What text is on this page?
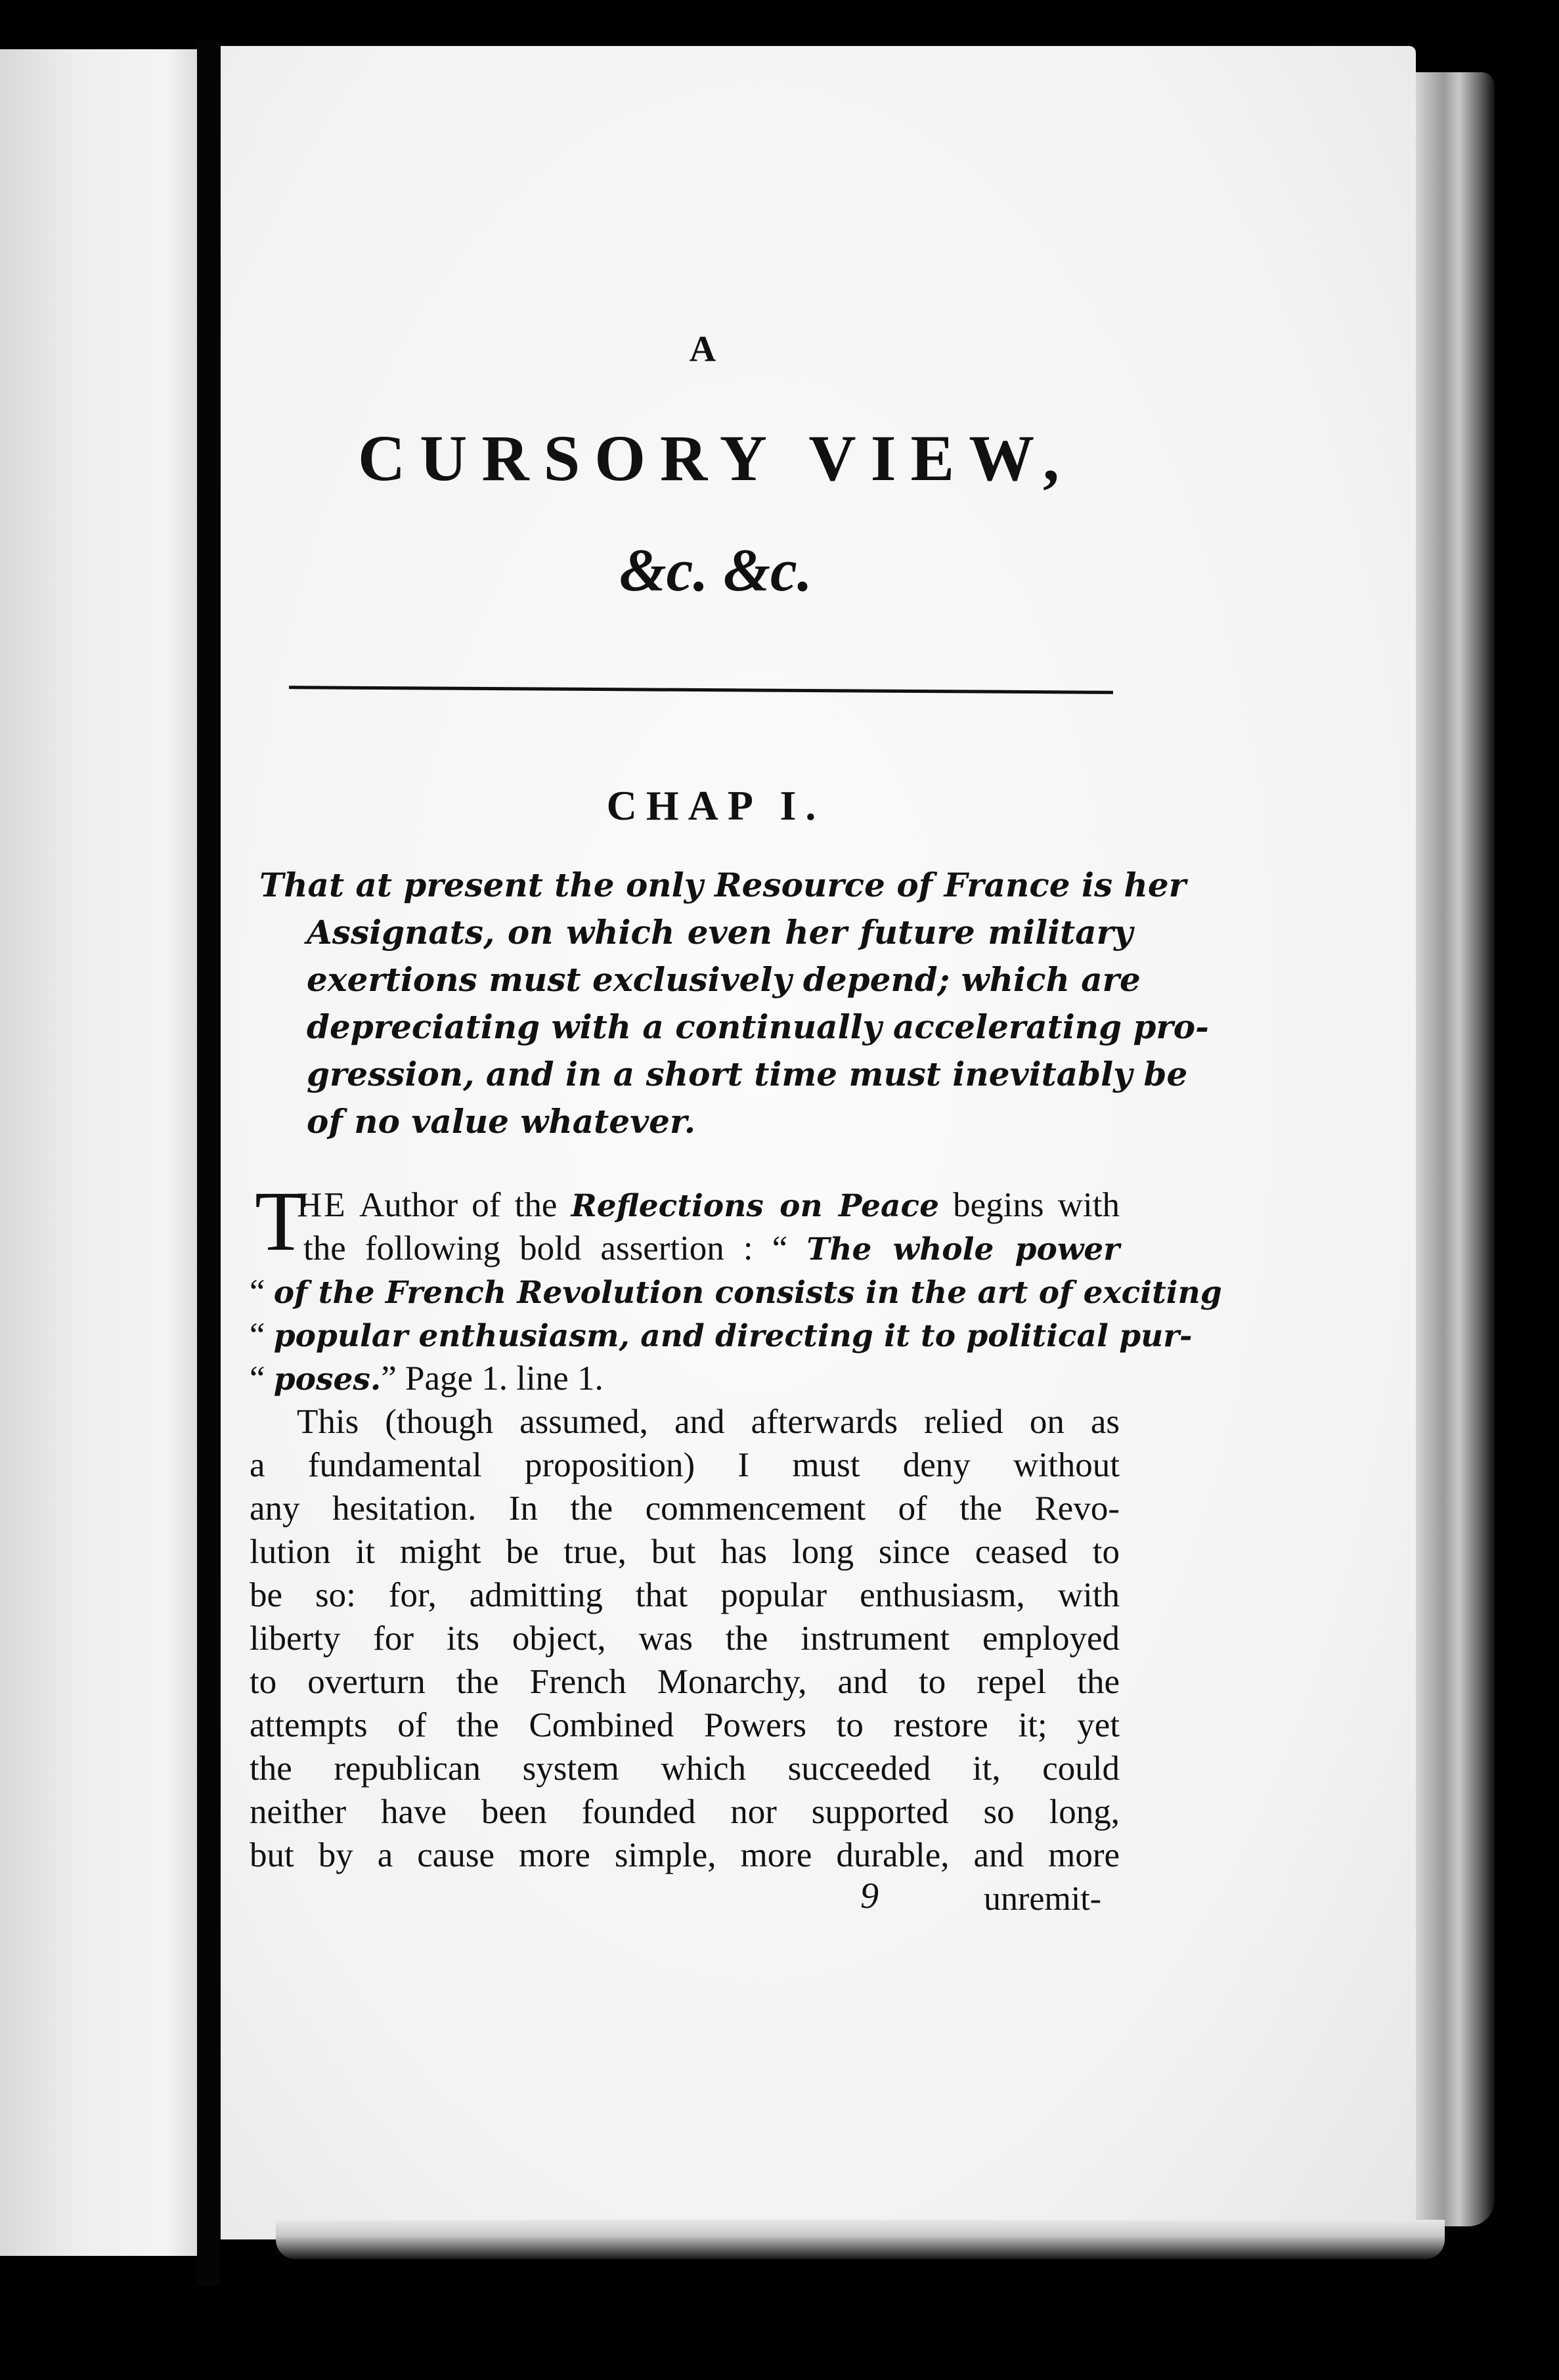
A
CURSORY VIEW,
&c. &c.
CHAP I.
That at present the only Resource of France is her
Assignats, on which even her future military
exertions must exclusively depend; which are
depreciating with a continually accelerating pro-
gression, and in a short time must inevitably be
of no value whatever.
T
HE Author of the Reflections on Peace begins with
the following bold assertion : “ The whole power
“ of the French Revolution consists in the art of exciting
“ popular enthusiasm, and directing it to political pur-
“ poses.” Page 1. line 1.
This (though assumed, and afterwards relied on as
a fundamental proposition) I must deny without
any hesitation. In the commencement of the Revo-
lution it might be true, but has long since ceased to
be so: for, admitting that popular enthusiasm, with
liberty for its object, was the instrument employed
to overturn the French Monarchy, and to repel the
attempts of the Combined Powers to restore it; yet
the republican system which succeeded it, could
neither have been founded nor supported so long,
but by a cause more simple, more durable, and more
9	unremit-
